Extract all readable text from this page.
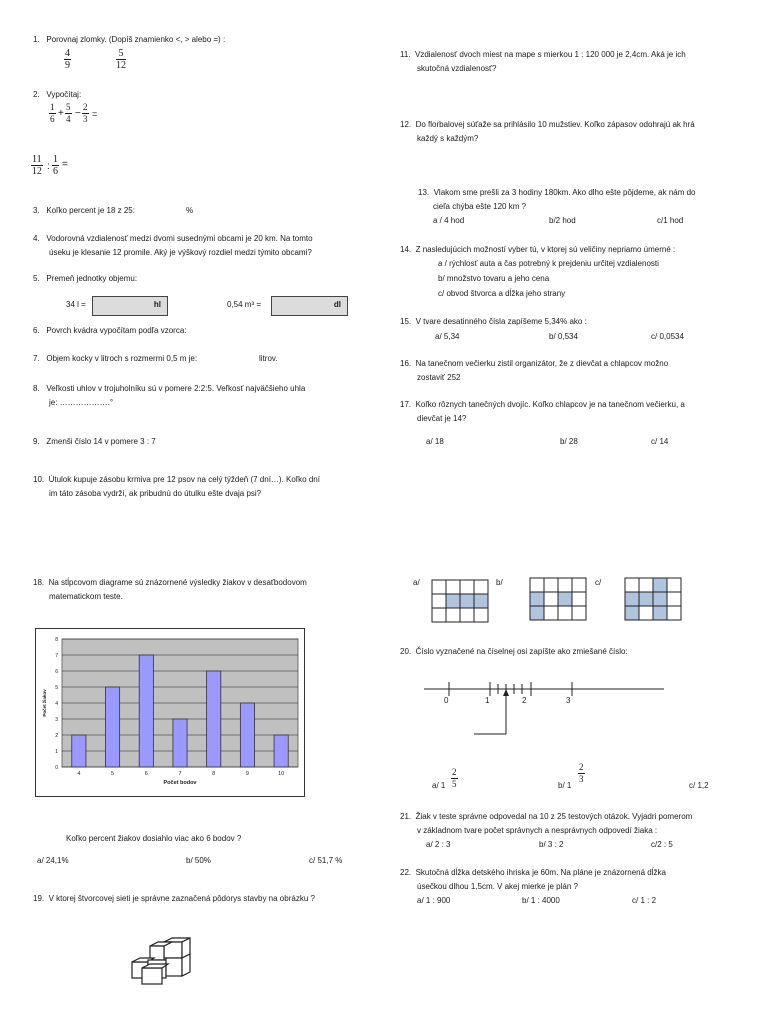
1. Porovnaj zlomky. (Dopíš znamienko <, > alebo =) :
$\frac{4}{9}$	$\frac{5}{12}$
2. Vypočítaj:
$\frac{1}{6} + \frac{5}{4} - \frac{2}{3}$ =
$\frac{11}{12}$ : $\frac{1}{6}$ =
3. Koľko percent je 18 z 25:	%
4. Vodorovná vzdialenosť medzi dvomi susednými obcami je 20 km. Na tomto
úseku je klesanie 12 promile. Aký je výškový rozdiel medzi týmito obcami?
5. Premeň jednotky objemu:
34 l =	hl	0,54 m³ =	dl
6. Povrch kvádra vypočítam podľa vzorca:
7. Objem kocky v litroch s rozmermi 0,5 m je:	litrov.
8. Veľkosti uhlov v trojuholníku sú v pomere 2:2:5. Veľkosť najväčšieho uhla
je: ……………….°
9. Zmenši číslo 14 v pomere 3 : 7
10. Útulok kupuje zásobu krmiva pre 12 psov na celý týždeň (7 dní…). Koľko dní
im táto zásoba vydrží, ak pribudnú do útulku ešte dvaja psi?
18. Na stĺpcovom diagrame sú znázornené výsledky žiakov v desaťbodovom
matematickom teste.
0
1
2
3
4
5
6
7
8
4	5	6	7	8	9	10
Počet bodov
Počet žiakov
Koľko percent žiakov dosiahlo viac ako 6 bodov ?
a/ 24,1%	b/ 50%	c/ 51,7 %
19. V ktorej štvorcovej sieti je správne zaznačená pôdorys stavby na obrázku ?
11. Vzdialenosť dvoch miest na mape s mierkou 1 : 120 000 je 2,4cm. Aká je ich
skutočná vzdialenosť?
12. Do florbalovej súťaže sa prihlásilo 10 mužstiev. Koľko zápasov odohrajú ak hrá
každý s každým?
13. Vlakom sme prešli za 3 hodiny 180km. Ako dlho ešte pôjdeme, ak nám do
cieľa chýba ešte 120 km ?
a / 4 hod	b/2 hod	c/1 hod
14. Z nasledujúcich možností vyber tú, v ktorej sú veličiny nepriamo úmerné :
a / rýchlosť auta a čas potrebný k prejdeniu určitej vzdialenosti
b/ množstvo tovaru a jeho cena
c/ obvod štvorca a dĺžka jeho strany
15. V tvare desatinného čísla zapíšeme 5,34% ako :
a/ 5,34	b/ 0,534	c/ 0,0534
16. Na tanečnom večierku zistil organizátor, že z dievčat a chlapcov možno
zostaviť 252
17. Koľko rôznych tanečných dvojíc. Koľko chlapcov je na tanečnom večierku, a
dievčat je 14?
a/ 18	b/ 28	c/ 14
a/	b/	c/
20. Číslo vyznačené na číselnej osi zapíšte ako zmiešané číslo:
0	1	2	3
a/ $1 \frac{2}{5}$	b/ 1
$\frac{2}{3}$
c/ 1,2
21. Žiak v teste správne odpovedal na 10 z 25 testových otázok. Vyjadri pomerom
v základnom tvare počet správnych a nesprávnych odpovedí žiaka :
a/ 2 : 3	b/ 3 : 2	c/2 : 5
22. Skutočná dĺžka detského ihriska je 60m. Na pláne je znázornená dĺžka
úsečkou dlhou 1,5cm. V akej mierke je plán ?
a/ 1 : 900	b/ 1 : 4000	c/ 1 : 2
